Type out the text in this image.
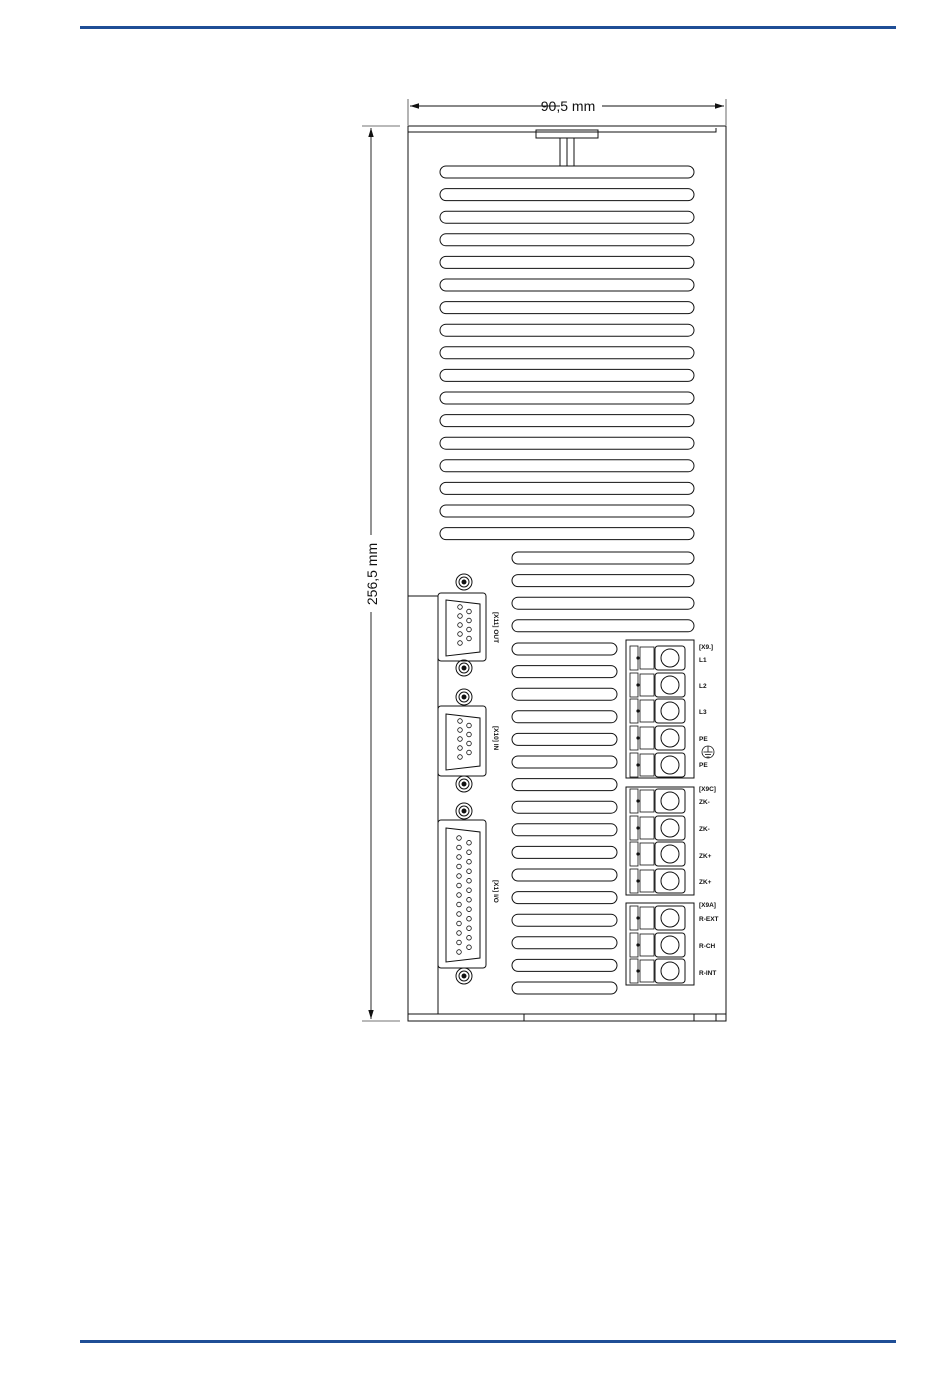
90,5 mm
256,5 mm
[X11] OUT
[X10] IN
[X1] I/O
[X9.]
L1
L2
L3
PE
PE
[X9C]
ZK-
ZK-
ZK+
ZK+
[X9A]
R-EXT
R-CH
R-INT
